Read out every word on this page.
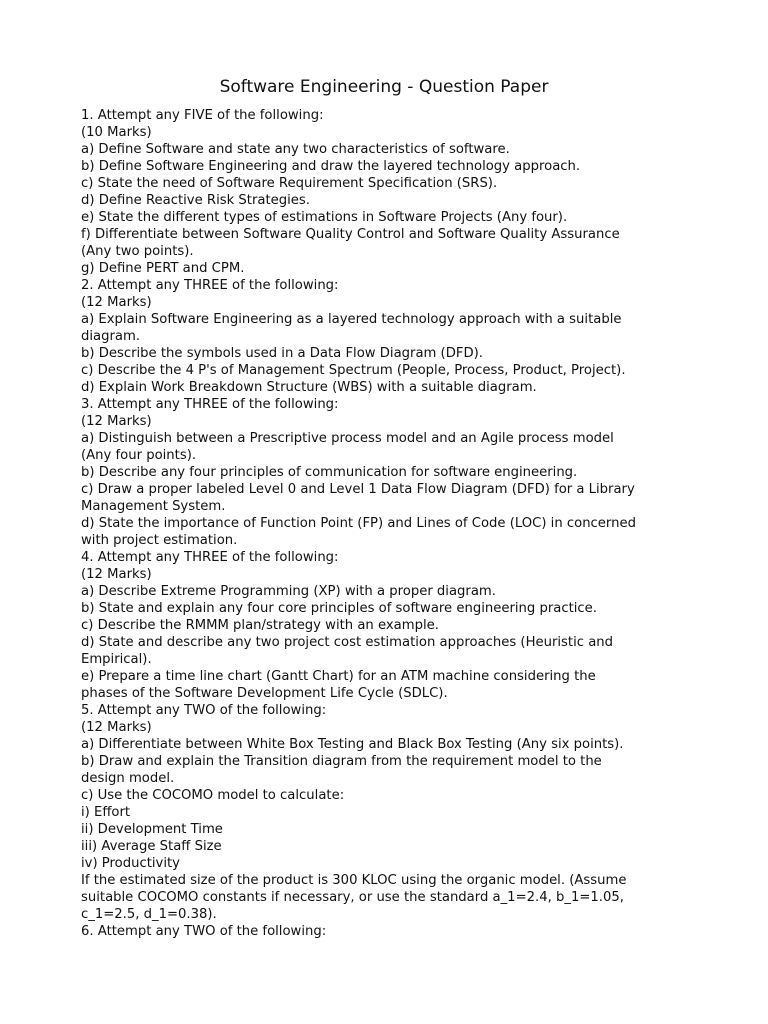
Software Engineering - Question Paper

1. Attempt any FIVE of the following:

(10 Marks)

a) Define Software and state any two characteristics of software.

b) Define Software Engineering and draw the layered technology approach.

c) State the need of Software Requirement Specification (SRS).

d) Define Reactive Risk Strategies.

e) State the different types of estimations in Software Projects (Any four).

f) Differentiate between Software Quality Control and Software Quality Assurance

(Any two points).

g) Define PERT and CPM.

2. Attempt any THREE of the following:

(12 Marks)

a) Explain Software Engineering as a layered technology approach with a suitable

diagram.

b) Describe the symbols used in a Data Flow Diagram (DFD).

c) Describe the 4 P's of Management Spectrum (People, Process, Product, Project).

d) Explain Work Breakdown Structure (WBS) with a suitable diagram.

3. Attempt any THREE of the following:

(12 Marks)

a) Distinguish between a Prescriptive process model and an Agile process model

(Any four points).

b) Describe any four principles of communication for software engineering.

c) Draw a proper labeled Level 0 and Level 1 Data Flow Diagram (DFD) for a Library

Management System.

d) State the importance of Function Point (FP) and Lines of Code (LOC) in concerned

with project estimation.

4. Attempt any THREE of the following:

(12 Marks)

a) Describe Extreme Programming (XP) with a proper diagram.

b) State and explain any four core principles of software engineering practice.

c) Describe the RMMM plan/strategy with an example.

d) State and describe any two project cost estimation approaches (Heuristic and

Empirical).

e) Prepare a time line chart (Gantt Chart) for an ATM machine considering the

phases of the Software Development Life Cycle (SDLC).

5. Attempt any TWO of the following:

(12 Marks)

a) Differentiate between White Box Testing and Black Box Testing (Any six points).

b) Draw and explain the Transition diagram from the requirement model to the

design model.

c) Use the COCOMO model to calculate:

i) Effort

ii) Development Time

iii) Average Staff Size

iv) Productivity

If the estimated size of the product is 300 KLOC using the organic model. (Assume

suitable COCOMO constants if necessary, or use the standard a_1=2.4, b_1=1.05,

c_1=2.5, d_1=0.38).

6. Attempt any TWO of the following:
